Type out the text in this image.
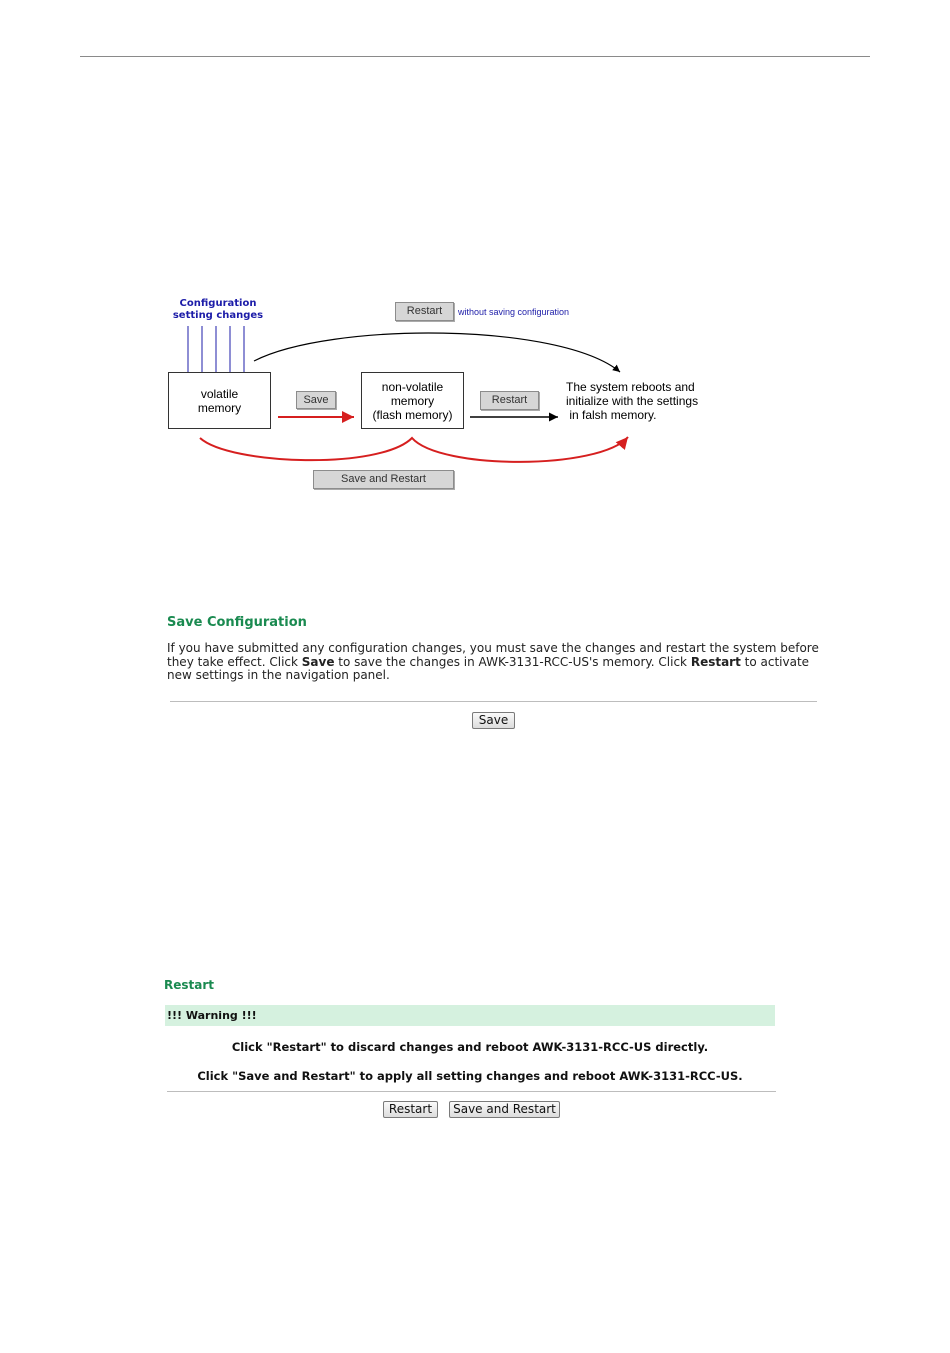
Configuration
setting changes	Restart	without saving configuration
volatile
memory
Save
non-volatile
memory
(flash memory)
Restart
The system reboots and
initialize with the settings
in falsh memory.
Save and Restart
Save Configuration
If you have submitted any configuration changes, you must save the changes and restart the system before
they take effect. Click Save to save the changes in AWK-3131-RCC-US's memory. Click Restart to activate
new settings in the navigation panel.
Save
Restart
!!! Warning !!!
Click "Restart" to discard changes and reboot AWK-3131-RCC-US directly.
Click "Save and Restart" to apply all setting changes and reboot AWK-3131-RCC-US.
Restart	Save and Restart
